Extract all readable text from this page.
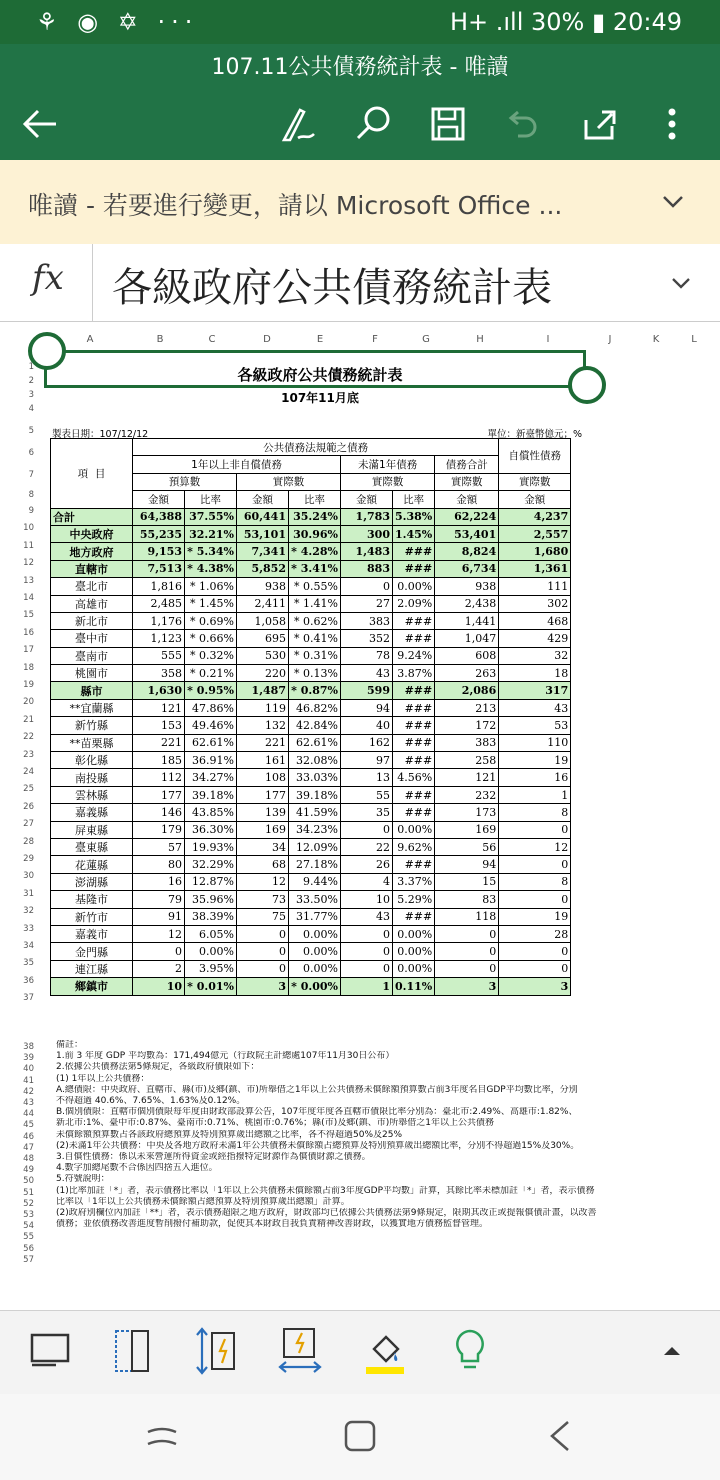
⚘ ◉ ✡ ···	H+ .ıll 30% ▮ 20:49
107.11公共債務統計表 - 唯讀
唯讀 - 若要進行變更，請以 Microsoft Office ...
fx 各級政府公共債務統計表
A	B	C	D	E	F	G	H	I	J	K	L
1
2
3
4
5
6
7
8
9
10
11
12
13
14
15
16
17
18
19
20
21
22
23
24
25
26
27
28
29
30
31
32
33
34
35
36
37
38
39
40
41
42
43
44
45
46
47
48
49
50
51
52
53
54
55
56
57
各級政府公共債務統計表
107年11月底
製表日期：107/12/12	單位：新臺幣億元；%
項  目	公共債務法規範之債務							自償性債務
	1年以上非自償債務				未滿1年債務		債務合計	
	預算數		實際數		實際數		實際數	實際數
	金額	比率	金額	比率	金額	比率	金額	金額
合計	64,388	37.55%	60,441	35.24%	1,783	5.38%	62,224	4,237
中央政府	55,235	32.21%	53,101	30.96%	300	1.45%	53,401	2,557
地方政府	9,153	* 5.34%	7,341	* 4.28%	1,483	###	8,824	1,680
直轄市	7,513	* 4.38%	5,852	* 3.41%	883	###	6,734	1,361
臺北市	1,816	* 1.06%	938	* 0.55%	0	0.00%	938	111
高雄市	2,485	* 1.45%	2,411	* 1.41%	27	2.09%	2,438	302
新北市	1,176	* 0.69%	1,058	* 0.62%	383	###	1,441	468
臺中市	1,123	* 0.66%	695	* 0.41%	352	###	1,047	429
臺南市	555	* 0.32%	530	* 0.31%	78	9.24%	608	32
桃園市	358	* 0.21%	220	* 0.13%	43	3.87%	263	18
縣市	1,630	* 0.95%	1,487	* 0.87%	599	###	2,086	317
**宜蘭縣	121	47.86%	119	46.82%	94	###	213	43
新竹縣	153	49.46%	132	42.84%	40	###	172	53
**苗栗縣	221	62.61%	221	62.61%	162	###	383	110
彰化縣	185	36.91%	161	32.08%	97	###	258	19
南投縣	112	34.27%	108	33.03%	13	4.56%	121	16
雲林縣	177	39.18%	177	39.18%	55	###	232	1
嘉義縣	146	43.85%	139	41.59%	35	###	173	8
屏東縣	179	36.30%	169	34.23%	0	0.00%	169	0
臺東縣	57	19.93%	34	12.09%	22	9.62%	56	12
花蓮縣	80	32.29%	68	27.18%	26	###	94	0
澎湖縣	16	12.87%	12	9.44%	4	3.37%	15	8
基隆市	79	35.96%	73	33.50%	10	5.29%	83	0
新竹市	91	38.39%	75	31.77%	43	###	118	19
嘉義市	12	6.05%	0	0.00%	0	0.00%	0	28
金門縣	0	0.00%	0	0.00%	0	0.00%	0	0
連江縣	2	3.95%	0	0.00%	0	0.00%	0	0
鄉鎮市	10	* 0.01%	3	* 0.00%	1	0.11%	3	3
備註：
1.前 3 年度 GDP 平均數為：171,494億元（行政院主計總處107年11月30日公布）
2.依據公共債務法第5條規定，各級政府債限如下：
(1) 1年以上公共債務：
A.總債限：中央政府、直轄市、縣(市)及鄉(鎮、市)所舉借之1年以上公共債務未償餘額預算數占前3年度名目GDP平均數比率，分別
不得超過 40.6%、7.65%、1.63%及0.12%。
B.個別債限：直轄市個別債限每年度由財政部設算公告，107年度年度各直轄市債限比率分別為：臺北市:2.49%、高雄市:1.82%、
新北市:1%、臺中市:0.87%、臺南市:0.71%、桃園市:0.76%；縣(市)及鄉(鎮、市)所舉借之1年以上公共債務
未償餘額預算數占各該政府總預算及特別預算歲出總額之比率，各不得超過50%及25%
(2)未滿1年公共債務：中央及各地方政府未滿1年公共債務未償餘額占總預算及特別預算歲出總額比率，分別不得超過15%及30%。
3.自償性債務：係以未來營運所得資金或經指撥特定財源作為償債財源之債務。
4.數字加總尾數不合係因四捨五入進位。
5.符號說明：
(1)比率加註「*」者，表示債務比率以「1年以上公共債務未償餘額占前3年度GDP平均數」計算，其餘比率未標加註「*」者，表示債務
比率以「1年以上公共債務未償餘額占總預算及特別預算歲出總額」計算。
(2)政府別欄位內加註「**」者，表示債務超限之地方政府，財政部均已依據公共債務法第9條規定，限期其改正或提報償債計畫，以改善
債務；並依債務改善進度暫削撥付補助款，促使其本財政自我負責精神改善財政，以獲實地方債務監督管理。
